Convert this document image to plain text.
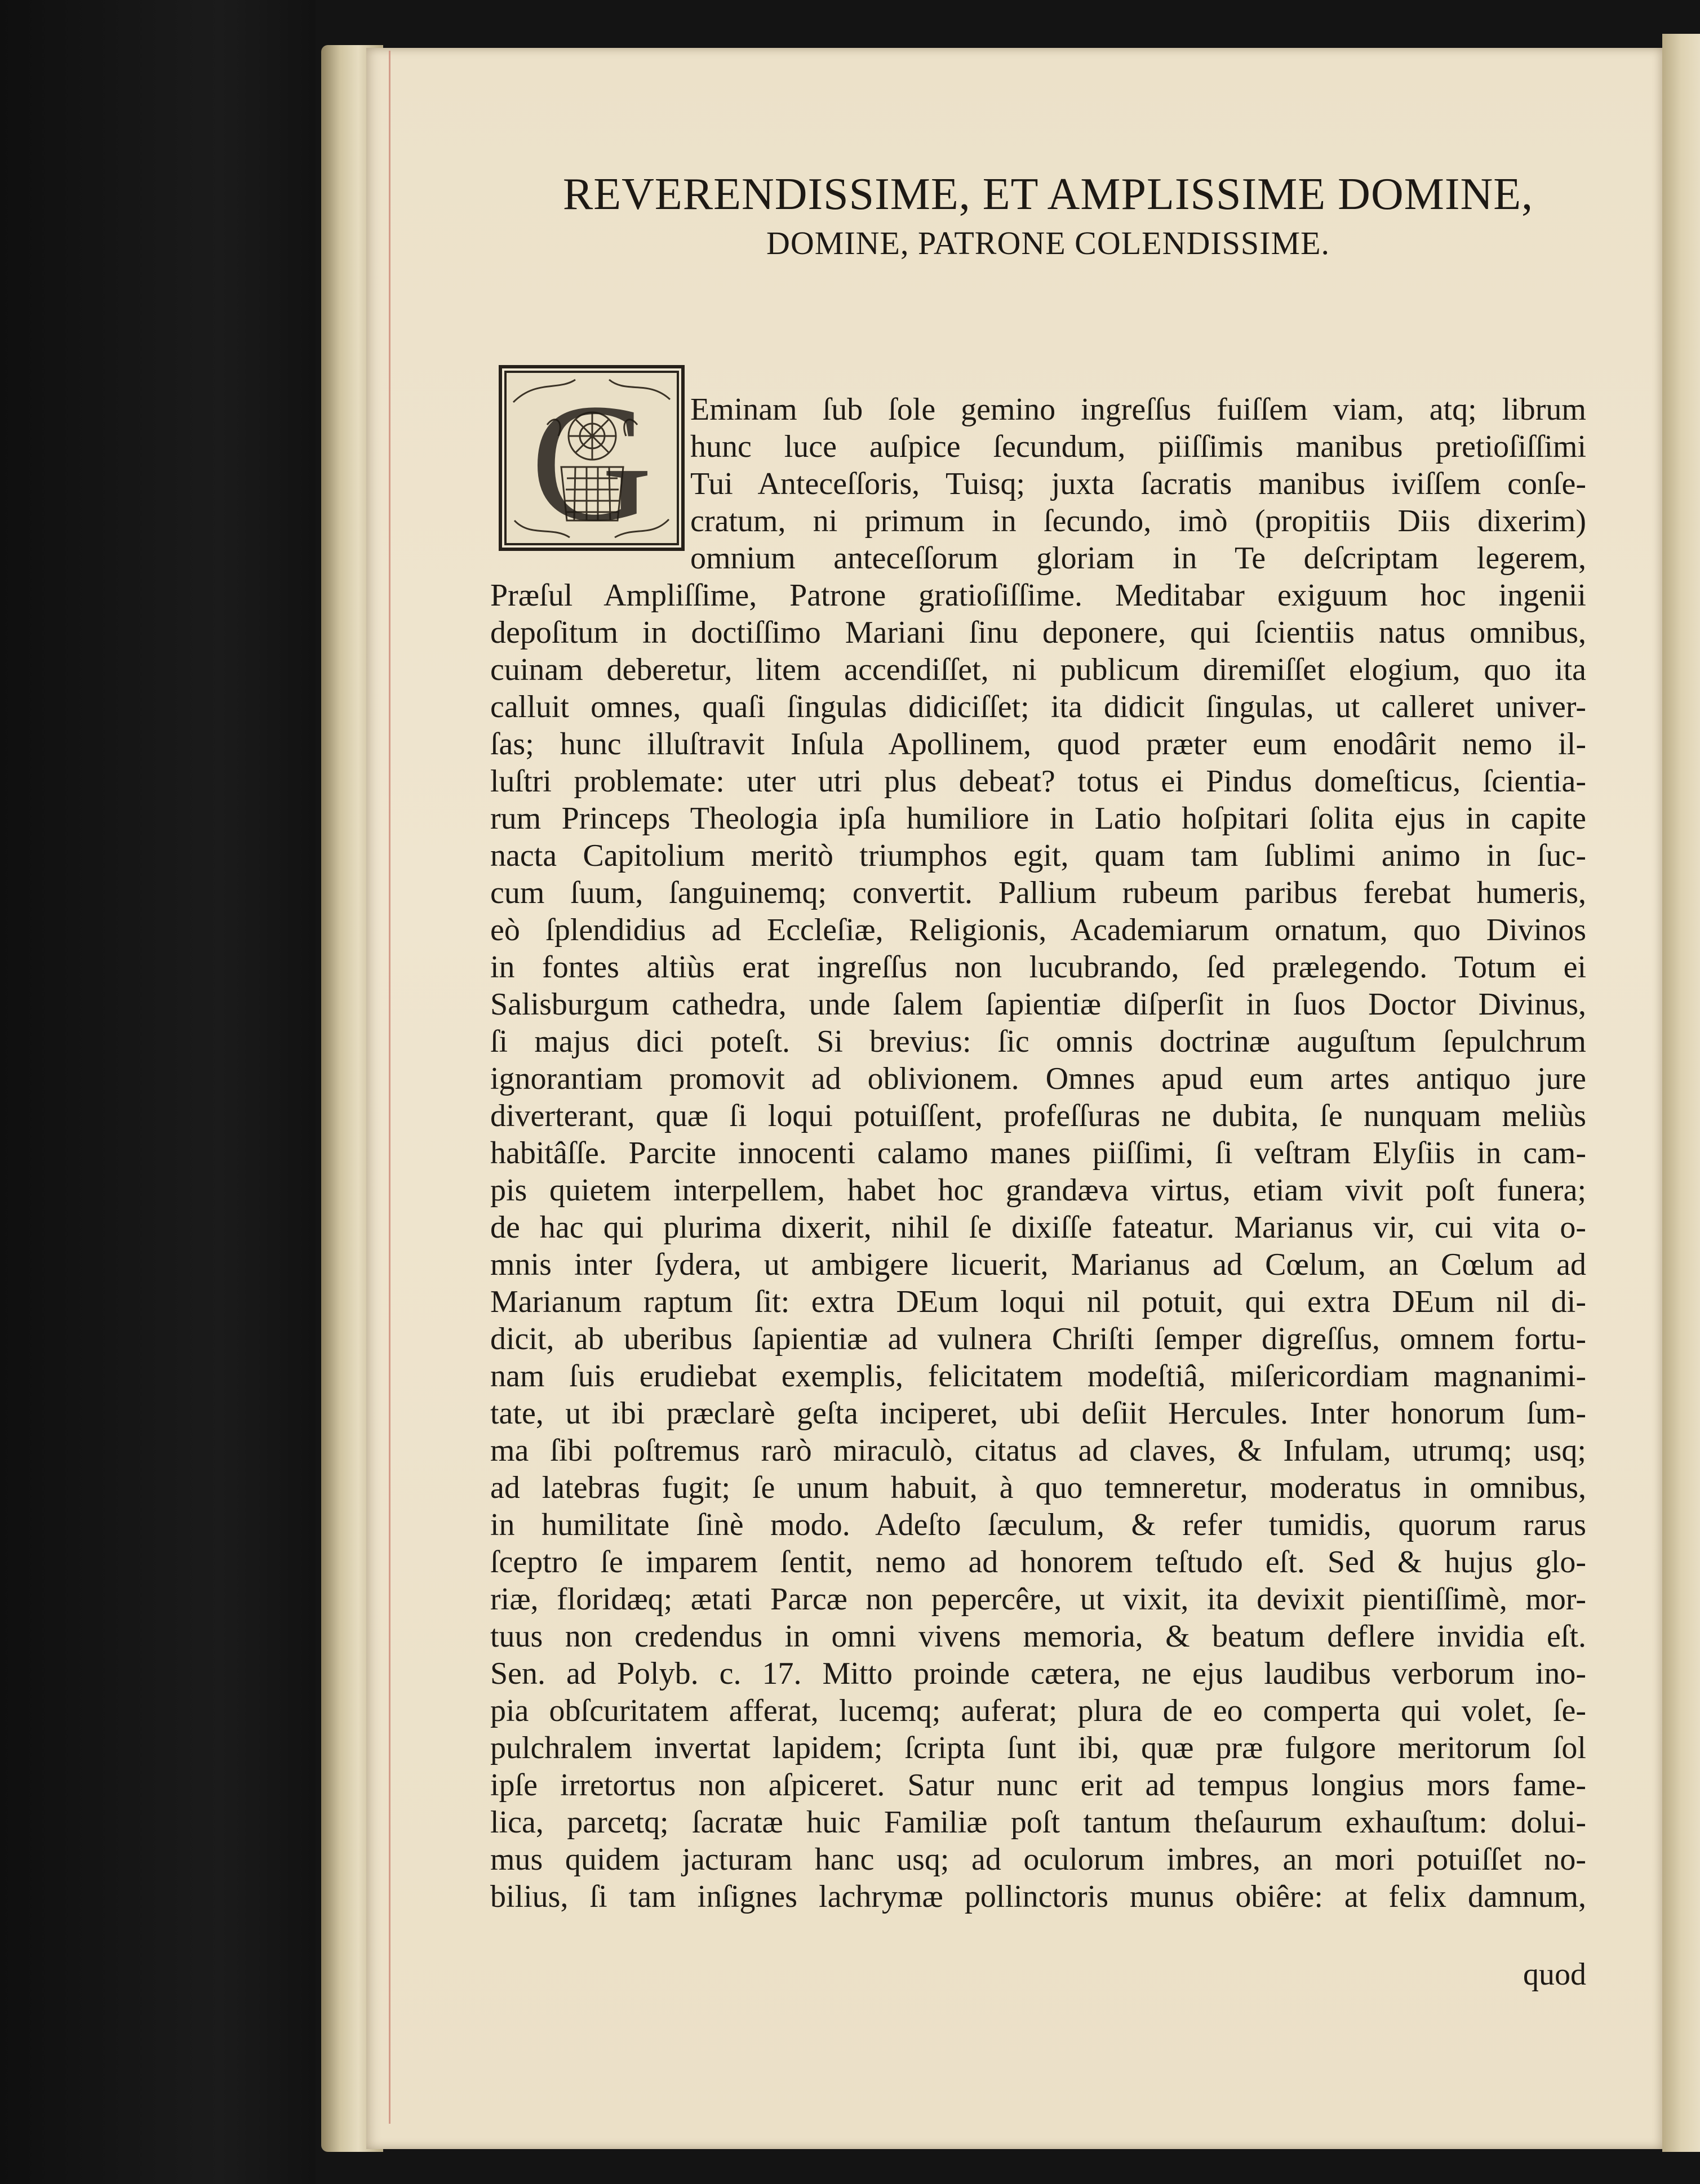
REVERENDISSIME, ET AMPLISSIME DOMINE,
DOMINE, PATRONE COLENDISSIME.
G Eminam ſub ſole gemino ingreſſus fuiſſem viam, atq; librum
hunc luce auſpice ſecundum, piiſſimis manibus pretioſiſſimi
Tui Anteceſſoris, Tuisq; juxta ſacratis manibus iviſſem conſe-
cratum, ni primum in ſecundo, imò (propitiis Diis dixerim)
omnium anteceſſorum gloriam in Te deſcriptam legerem,
Præſul Ampliſſime, Patrone gratioſiſſime. Meditabar exiguum hoc ingenii
depoſitum in doctiſſimo Mariani ſinu deponere, qui ſcientiis natus omnibus,
cuinam deberetur, litem accendiſſet, ni publicum diremiſſet elogium, quo ita
calluit omnes, quaſi ſingulas didiciſſet; ita didicit ſingulas, ut calleret univer-
ſas; hunc illuſtravit Inſula Apollinem, quod præter eum enodârit nemo il-
luſtri problemate: uter utri plus debeat? totus ei Pindus domeſticus, ſcientia-
rum Princeps Theologia ipſa humiliore in Latio hoſpitari ſolita ejus in capite
nacta Capitolium meritò triumphos egit, quam tam ſublimi animo in ſuc-
cum ſuum, ſanguinemq; convertit. Pallium rubeum paribus ferebat humeris,
eò ſplendidius ad Eccleſiæ, Religionis, Academiarum ornatum, quo Divinos
in fontes altiùs erat ingreſſus non lucubrando, ſed prælegendo. Totum ei
Salisburgum cathedra, unde ſalem ſapientiæ diſperſit in ſuos Doctor Divinus,
ſi majus dici poteſt. Si brevius: ſic omnis doctrinæ auguſtum ſepulchrum
ignorantiam promovit ad oblivionem. Omnes apud eum artes antiquo jure
diverterant, quæ ſi loqui potuiſſent, profeſſuras ne dubita, ſe nunquam meliùs
habitâſſe. Parcite innocenti calamo manes piiſſimi, ſi veſtram Elyſiis in cam-
pis quietem interpellem, habet hoc grandæva virtus, etiam vivit poſt funera;
de hac qui plurima dixerit, nihil ſe dixiſſe fateatur. Marianus vir, cui vita o-
mnis inter ſydera, ut ambigere licuerit, Marianus ad Cœlum, an Cœlum ad
Marianum raptum ſit: extra DEum loqui nil potuit, qui extra DEum nil di-
dicit, ab uberibus ſapientiæ ad vulnera Chriſti ſemper digreſſus, omnem fortu-
nam ſuis erudiebat exemplis, felicitatem modeſtiâ, miſericordiam magnanimi-
tate, ut ibi præclarè geſta inciperet, ubi deſiit Hercules. Inter honorum ſum-
ma ſibi poſtremus rarò miraculò, citatus ad claves, & Infulam, utrumq; usq;
ad latebras fugit; ſe unum habuit, à quo temneretur, moderatus in omnibus,
in humilitate ſinè modo. Adeſto ſæculum, & refer tumidis, quorum rarus
ſceptro ſe imparem ſentit, nemo ad honorem teſtudo eſt. Sed & hujus glo-
riæ, floridæq; ætati Parcæ non pepercêre, ut vixit, ita devixit pientiſſimè, mor-
tuus non credendus in omni vivens memoria, & beatum deflere invidia eſt.
Sen. ad Polyb. c. 17. Mitto proinde cætera, ne ejus laudibus verborum ino-
pia obſcuritatem afferat, lucemq; auferat; plura de eo comperta qui volet, ſe-
pulchralem invertat lapidem; ſcripta ſunt ibi, quæ præ fulgore meritorum ſol
ipſe irretortus non aſpiceret. Satur nunc erit ad tempus longius mors fame-
lica, parcetq; ſacratæ huic Familiæ poſt tantum theſaurum exhauſtum: dolui-
mus quidem jacturam hanc usq; ad oculorum imbres, an mori potuiſſet no-
bilius, ſi tam inſignes lachrymæ pollinctoris munus obiêre: at felix damnum,
quod
